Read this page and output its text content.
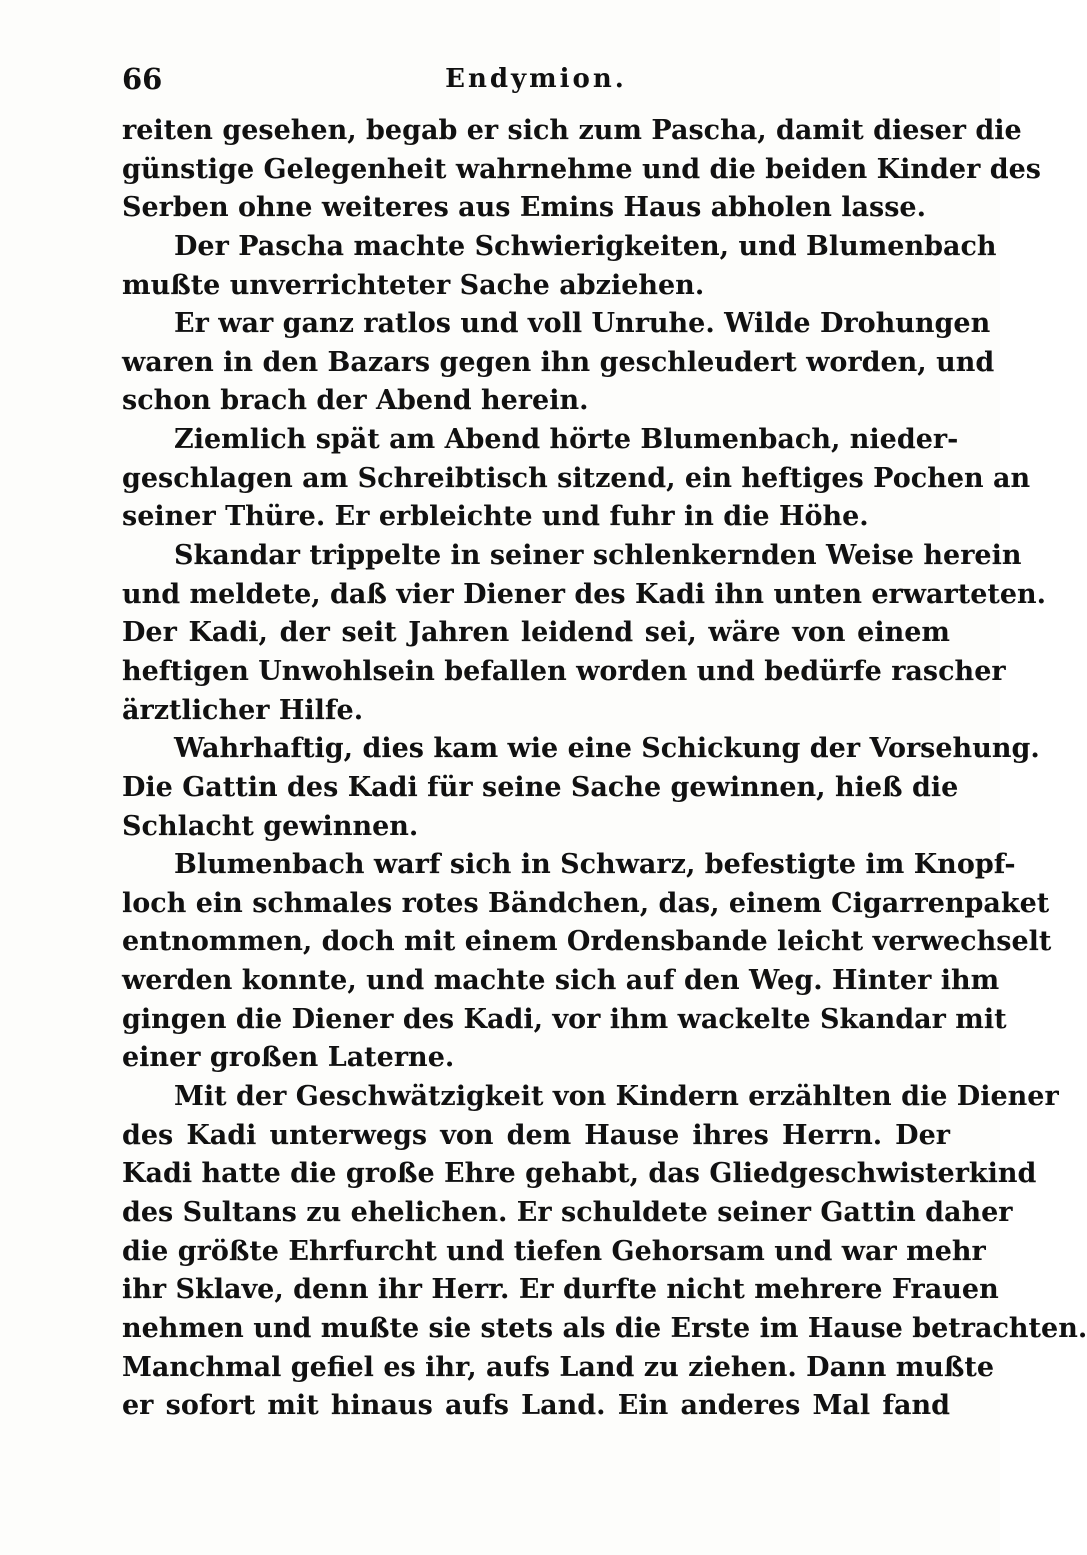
66	Endymion.
reiten gesehen, begab er sich zum Pascha, damit dieser die
günstige Gelegenheit wahrnehme und die beiden Kinder des
Serben ohne weiteres aus Emins Haus abholen lasse.
Der Pascha machte Schwierigkeiten, und Blumenbach
mußte unverrichteter Sache abziehen.
Er war ganz ratlos und voll Unruhe. Wilde Drohungen
waren in den Bazars gegen ihn geschleudert worden, und
schon brach der Abend herein.
Ziemlich spät am Abend hörte Blumenbach, nieder-
geschlagen am Schreibtisch sitzend, ein heftiges Pochen an
seiner Thüre. Er erbleichte und fuhr in die Höhe.
Skandar trippelte in seiner schlenkernden Weise herein
und meldete, daß vier Diener des Kadi ihn unten erwarteten.
Der Kadi, der seit Jahren leidend sei, wäre von einem
heftigen Unwohlsein befallen worden und bedürfe rascher
ärztlicher Hilfe.
Wahrhaftig, dies kam wie eine Schickung der Vorsehung.
Die Gattin des Kadi für seine Sache gewinnen, hieß die
Schlacht gewinnen.
Blumenbach warf sich in Schwarz, befestigte im Knopf-
loch ein schmales rotes Bändchen, das, einem Cigarrenpaket
entnommen, doch mit einem Ordensbande leicht verwechselt
werden konnte, und machte sich auf den Weg. Hinter ihm
gingen die Diener des Kadi, vor ihm wackelte Skandar mit
einer großen Laterne.
Mit der Geschwätzigkeit von Kindern erzählten die Diener
des Kadi unterwegs von dem Hause ihres Herrn. Der
Kadi hatte die große Ehre gehabt, das Gliedgeschwisterkind
des Sultans zu ehelichen. Er schuldete seiner Gattin daher
die größte Ehrfurcht und tiefen Gehorsam und war mehr
ihr Sklave, denn ihr Herr. Er durfte nicht mehrere Frauen
nehmen und mußte sie stets als die Erste im Hause betrachten.
Manchmal gefiel es ihr, aufs Land zu ziehen. Dann mußte
er sofort mit hinaus aufs Land. Ein anderes Mal fand
